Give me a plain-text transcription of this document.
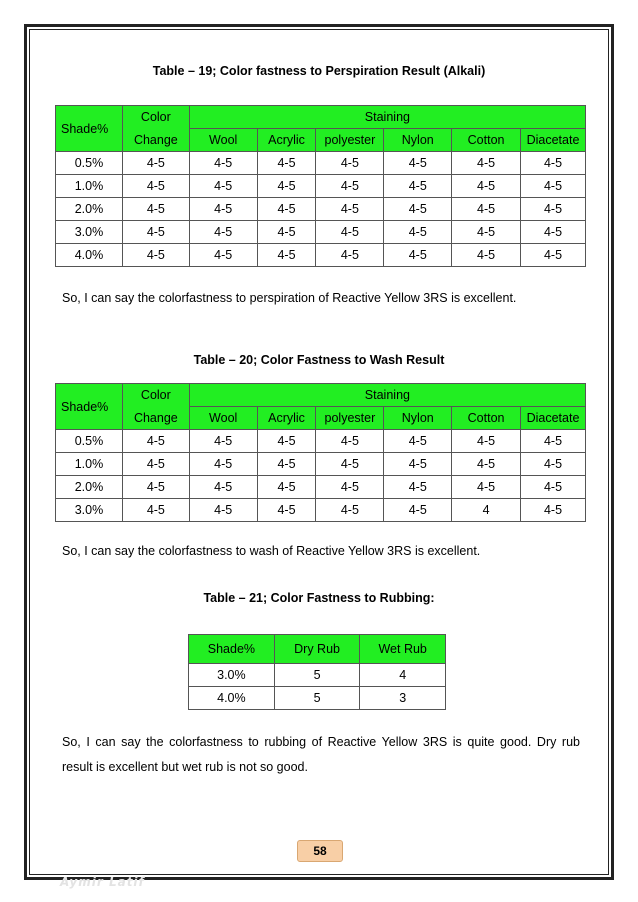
Table – 19; Color fastness to Perspiration Result (Alkali)
Shade%	Color	Staining					
	Change	Wool	Acrylic	polyester	Nylon	Cotton	Diacetate
0.5%	4-5	4-5	4-5	4-5	4-5	4-5	4-5
1.0%	4-5	4-5	4-5	4-5	4-5	4-5	4-5
2.0%	4-5	4-5	4-5	4-5	4-5	4-5	4-5
3.0%	4-5	4-5	4-5	4-5	4-5	4-5	4-5
4.0%	4-5	4-5	4-5	4-5	4-5	4-5	4-5
So, I can say the colorfastness to perspiration of Reactive Yellow 3RS is excellent.
Table – 20; Color Fastness to Wash Result
Shade%	Color	Staining					
	Change	Wool	Acrylic	polyester	Nylon	Cotton	Diacetate
0.5%	4-5	4-5	4-5	4-5	4-5	4-5	4-5
1.0%	4-5	4-5	4-5	4-5	4-5	4-5	4-5
2.0%	4-5	4-5	4-5	4-5	4-5	4-5	4-5
3.0%	4-5	4-5	4-5	4-5	4-5	4	4-5
So, I can say the colorfastness to wash of Reactive Yellow 3RS is excellent.
Table – 21; Color Fastness to Rubbing:
Shade%	Dry Rub	Wet Rub
3.0%	5	4
4.0%	5	3
So, I can say the colorfastness to rubbing of Reactive Yellow 3RS is quite good. Dry rub result is excellent but wet rub is not so good.
58
Aymir Latif
